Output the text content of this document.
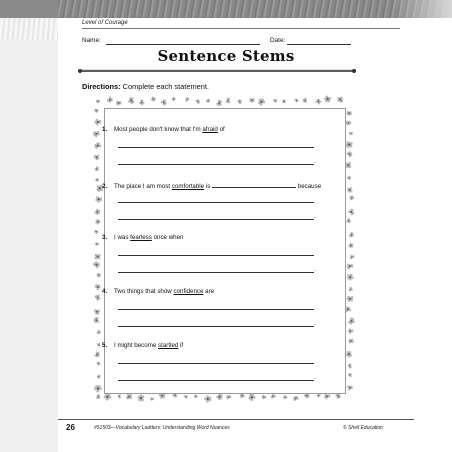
Level of Courage
Name:	Date:
Sentence Stems
Directions: Complete each statement.
1. Most people don't know that I'm afraid of
.
2. The place I am most comfortable is	because
.
3. I was fearless once when
.
4. Two things that show confidence are
.
5. I might become startled if
.
26	#51503—Vocabulary Ladders: Understanding Word Nuances	© Shell Education
